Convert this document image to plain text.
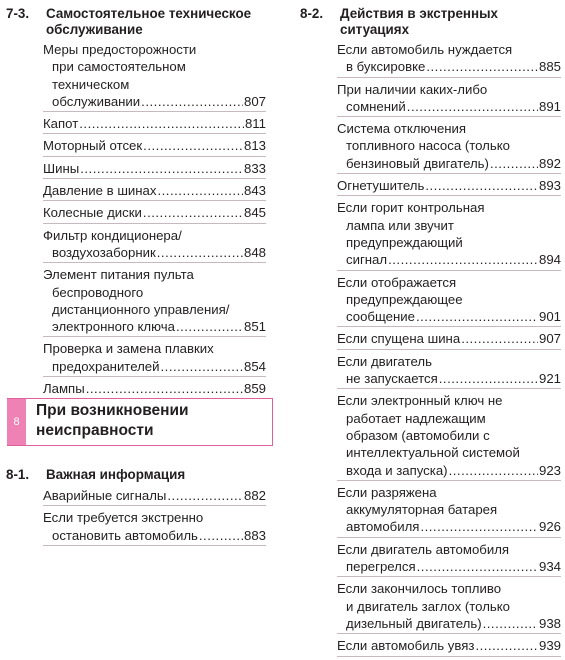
7-3.	Самостоятельное техническое
обслуживание
Меры предосторожности
при самостоятельном
техническом
обслуживании .....	807
Капот .....	811
Моторный отсек .....	813
Шины .....	833
Давление в шинах .....	843
Колесные диски .....	845
Фильтр кондиционера/
воздухозаборник .....	848
Элемент питания пульта
беспроводного
дистанционного управления/
электронного ключа .....	851
Проверка и замена плавких
предохранителей .....	854
Лампы .....	859
8
При возникновении
неисправности
8-1.	Важная информация
Аварийные сигналы .....	882
Если требуется экстренно
остановить автомобиль .....	883
8-2.	Действия в экстренных
ситуациях
Если автомобиль нуждается
в буксировке .....	885
При наличии каких-либо
сомнений .....	891
Система отключения
топливного насоса (только
бензиновый двигатель) .....	892
Огнетушитель .....	893
Если горит контрольная
лампа или звучит
предупреждающий
сигнал .....	894
Если отображается
предупреждающее
сообщение .....	901
Если спущена шина .....	907
Если двигатель
не запускается .....	921
Если электронный ключ не
работает надлежащим
образом (автомобили с
интеллектуальной системой
входа и запуска) .....	923
Если разряжена
аккумуляторная батарея
автомобиля .....	926
Если двигатель автомобиля
перегрелся .....	934
Если закончилось топливо
и двигатель заглох (только
дизельный двигатель) .....	938
Если автомобиль увяз .....	939
